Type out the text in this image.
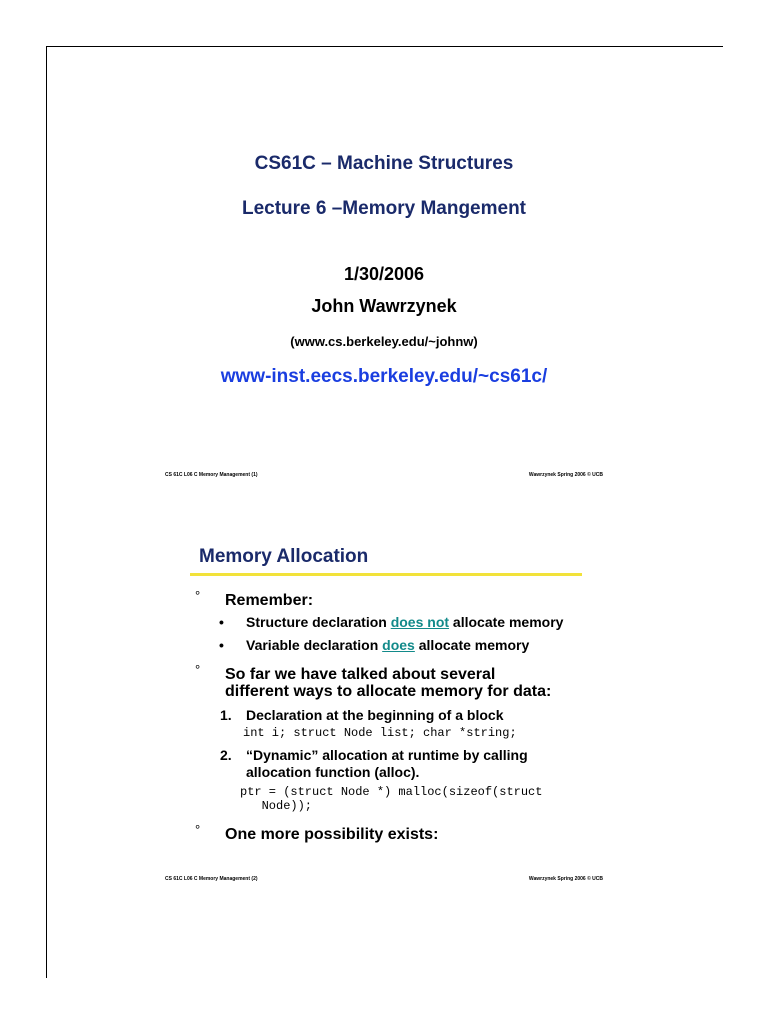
CS61C – Machine Structures
Lecture 6 –Memory Mangement
1/30/2006
John Wawrzynek
(www.cs.berkeley.edu/~johnw)
www-inst.eecs.berkeley.edu/~cs61c/
CS 61C L06 C Memory Management (1)	Wawrzynek Spring 2006 © UCB
Memory Allocation
° Remember:
• Structure declaration does not allocate memory
• Variable declaration does allocate memory
° So far we have talked about several
different ways to allocate memory for data:
1. Declaration at the beginning of a block
int i; struct Node list; char *string;
2. “Dynamic” allocation at runtime by calling
allocation function (alloc).
ptr = (struct Node *) malloc(sizeof(struct
Node));
° One more possibility exists:
CS 61C L06 C Memory Management (2)	Wawrzynek Spring 2006 © UCB
